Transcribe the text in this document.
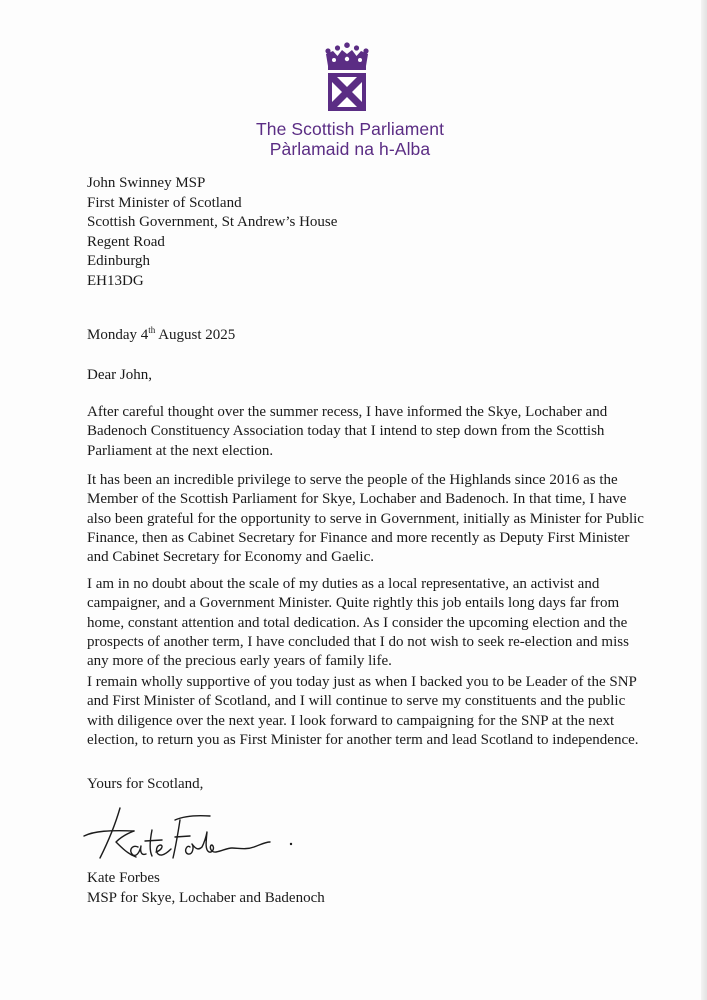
The Scottish Parliament
Pàrlamaid na h-Alba
John Swinney MSP
First Minister of Scotland
Scottish Government, St Andrew’s House
Regent Road
Edinburgh
EH13DG
Monday 4th August 2025
Dear John,
After careful thought over the summer recess, I have informed the Skye, Lochaber and
Badenoch Constituency Association today that I intend to step down from the Scottish
Parliament at the next election.
It has been an incredible privilege to serve the people of the Highlands since 2016 as the
Member of the Scottish Parliament for Skye, Lochaber and Badenoch. In that time, I have
also been grateful for the opportunity to serve in Government, initially as Minister for Public
Finance, then as Cabinet Secretary for Finance and more recently as Deputy First Minister
and Cabinet Secretary for Economy and Gaelic.
I am in no doubt about the scale of my duties as a local representative, an activist and
campaigner, and a Government Minister. Quite rightly this job entails long days far from
home, constant attention and total dedication. As I consider the upcoming election and the
prospects of another term, I have concluded that I do not wish to seek re-election and miss
any more of the precious early years of family life.
I remain wholly supportive of you today just as when I backed you to be Leader of the SNP
and First Minister of Scotland, and I will continue to serve my constituents and the public
with diligence over the next year. I look forward to campaigning for the SNP at the next
election, to return you as First Minister for another term and lead Scotland to independence.
Yours for Scotland,
Kate Forbes
MSP for Skye, Lochaber and Badenoch
